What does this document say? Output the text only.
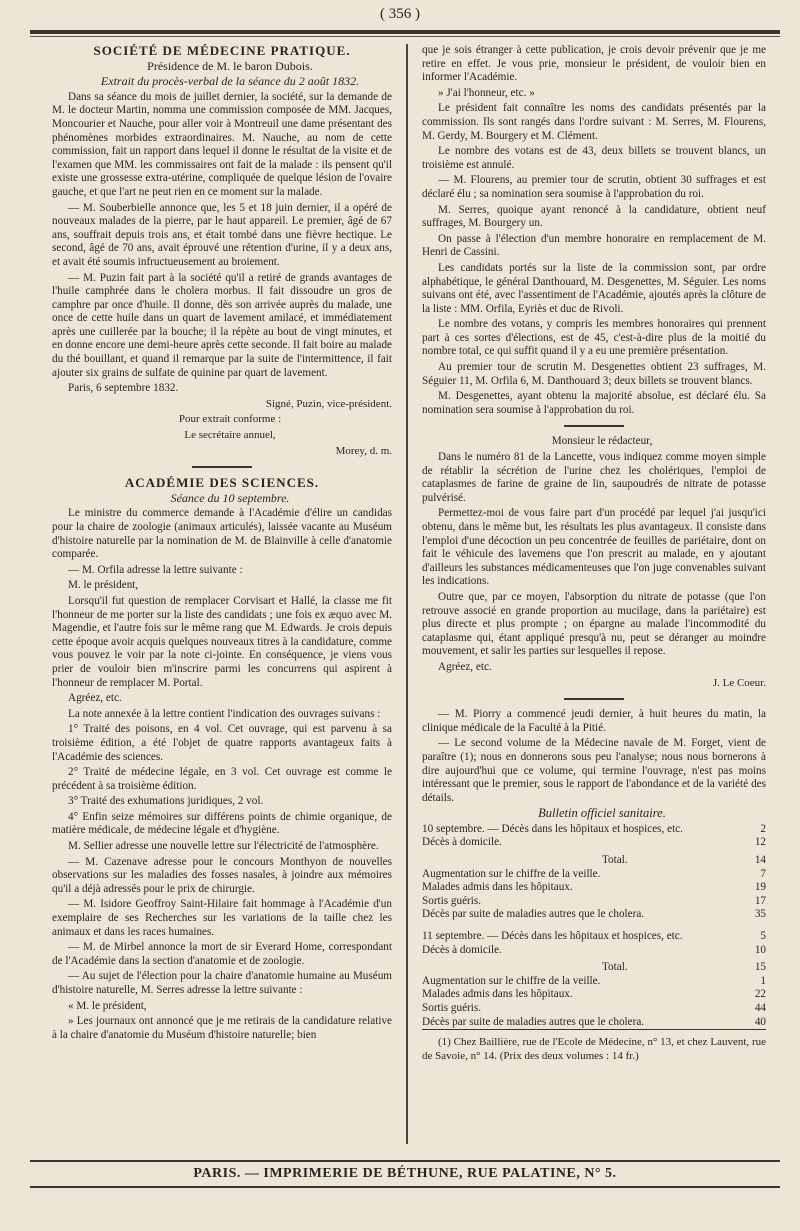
( 356 )

SOCIÉTÉ DE MÉDECINE PRATIQUE.

Présidence de M. le baron Dubois.

Extrait du procès-verbal de la séance du 2 août 1832.

Dans sa séance du mois de juillet dernier, la société, sur la demande de M. le docteur Martin, nomma une commission composée de MM. Jacques, Moncourier et Nauche, pour aller voir à Montreuil une dame présentant des phénomènes morbides extraordinaires. M. Nauche, au nom de cette commission, fait un rapport dans lequel il donne le résultat de la visite et de l'examen que MM. les commissaires ont fait de la malade : ils pensent qu'il existe une grossesse extra-utérine, compliquée de quelque lésion de l'ovaire gauche, et que l'art ne peut rien en ce moment sur la malade.

— M. Souberbielle annonce que, les 5 et 18 juin dernier, il a opéré de nouveaux malades de la pierre, par le haut appareil. Le premier, âgé de 67 ans, souffrait depuis trois ans, et était tombé dans une fièvre hectique. Le second, âgé de 70 ans, avait éprouvé une rétention d'urine, il y a deux ans, et avait été soumis infructueusement au broiement.

— M. Puzin fait part à la société qu'il a retiré de grands avantages de l'huile camphrée dans le cholera morbus. Il fait dissoudre un gros de camphre par once d'huile. Il donne, dès son arrivée auprès du malade, une once de cette huile dans un quart de lavement amilacé, et immédiatement après une cuillerée par la bouche; il la répète au bout de vingt minutes, et en donne encore une demi-heure après cette seconde. Il fait boire au malade du thé bouillant, et quand il remarque par la suite de l'intermittence, il fait ajouter six grains de sulfate de quinine par quart de lavement.

Paris, 6 septembre 1832.

Signé, Puzin, vice-président.

Pour extrait conforme :

Le secrétaire annuel,

Morey, d. m.

ACADÉMIE DES SCIENCES.

Séance du 10 septembre.

Le ministre du commerce demande à l'Académie d'élire un candidas pour la chaire de zoologie (animaux articulés), laissée vacante au Muséum d'histoire naturelle par la nomination de M. de Blainville à celle d'anatomie comparée.

— M. Orfila adresse la lettre suivante :

M. le président,

Lorsqu'il fut question de remplacer Corvisart et Hallé, la classe me fit l'honneur de me porter sur la liste des candidats ; une fois ex æquo avec M. Magendie, et l'autre fois sur le même rang que M. Edwards. Je crois depuis cette époque avoir acquis quelques nouveaux titres à la candidature, comme vous pouvez le voir par la note ci-jointe. En conséquence, je viens vous prier de vouloir bien m'inscrire parmi les concurrens qui aspirent à l'honneur de remplacer M. Portal.

Agréez, etc.

La note annexée à la lettre contient l'indication des ouvrages suivans :

1° Traité des poisons, en 4 vol. Cet ouvrage, qui est parvenu à sa troisième édition, a été l'objet de quatre rapports avantageux faits à l'Académie des sciences.

2° Traité de médecine légale, en 3 vol. Cet ouvrage est comme le précédent à sa troisième édition.

3° Traité des exhumations juridiques, 2 vol.

4° Enfin seize mémoires sur différens points de chimie organique, de matière médicale, de médecine légale et d'hygiène.

M. Sellier adresse une nouvelle lettre sur l'électricité de l'atmosphère.

— M. Cazenave adresse pour le concours Monthyon de nouvelles observations sur les maladies des fosses nasales, à joindre aux mémoires qu'il a déjà adressés pour le prix de chirurgie.

— M. Isidore Geoffroy Saint-Hilaire fait hommage à l'Académie d'un exemplaire de ses Recherches sur les variations de la taille chez les animaux et dans les races humaines.

— M. de Mirbel annonce la mort de sir Everard Home, correspondant de l'Académie dans la section d'anatomie et de zoologie.

— Au sujet de l'élection pour la chaire d'anatomie humaine au Muséum d'histoire naturelle, M. Serres adresse la lettre suivante :

« M. le président,

» Les journaux ont annoncé que je me retirais de la candidature relative à la chaire d'anatomie du Muséum d'histoire naturelle; bien

que je sois étranger à cette publication, je crois devoir prévenir que je me retire en effet. Je vous prie, monsieur le président, de vouloir bien en informer l'Académie.

» J'ai l'honneur, etc. »

Le président fait connaître les noms des candidats présentés par la commission. Ils sont rangés dans l'ordre suivant : M. Serres, M. Flourens, M. Gerdy, M. Bourgery et M. Clément.

Le nombre des votans est de 43, deux billets se trouvent blancs, un troisième est annulé.

— M. Flourens, au premier tour de scrutin, obtient 30 suffrages et est déclaré élu ; sa nomination sera soumise à l'approbation du roi.

M. Serres, quoique ayant renoncé à la candidature, obtient neuf suffrages, M. Bourgery un.

On passe à l'élection d'un membre honoraire en remplacement de M. Henri de Cassini.

Les candidats portés sur la liste de la commission sont, par ordre alphabétique, le général Danthouard, M. Desgenettes, M. Séguier. Les noms suivans ont été, avec l'assentiment de l'Académie, ajoutés après la clôture de la liste : MM. Orfila, Eyriès et duc de Rivoli.

Le nombre des votans, y compris les membres honoraires qui prennent part à ces sortes d'élections, est de 45, c'est-à-dire plus de la moitié du nombre total, ce qui suffit quand il y a eu une première présentation.

Au premier tour de scrutin M. Desgenettes obtient 23 suffrages, M. Séguier 11, M. Orfila 6, M. Danthouard 3; deux billets se trouvent blancs.

M. Desgenettes, ayant obtenu la majorité absolue, est déclaré élu. Sa nomination sera soumise à l'approbation du roi.

Monsieur le rédacteur,

Dans le numéro 81 de la Lancette, vous indiquez comme moyen simple de rétablir la sécrétion de l'urine chez les cholériques, l'emploi de cataplasmes de farine de graine de lin, saupoudrés de nitrate de potasse pulvérisé.

Permettez-moi de vous faire part d'un procédé par lequel j'ai jusqu'ici obtenu, dans le même but, les résultats les plus avantageux. Il consiste dans l'emploi d'une décoction un peu concentrée de feuilles de pariétaire, dont on fait le véhicule des lavemens que l'on prescrit au malade, en y ajoutant d'ailleurs les substances médicamenteuses que l'on juge convenables suivant les indications.

Outre que, par ce moyen, l'absorption du nitrate de potasse (que l'on retrouve associé en grande proportion au mucilage, dans la pariétaire) est plus directe et plus prompte ; on épargne au malade l'incommodité du cataplasme qui, étant appliqué presqu'à nu, peut se déranger au moindre mouvement, et salir les parties sur lesquelles il repose.

Agréez, etc.

J. Le Coeur.

— M. Piorry a commencé jeudi dernier, à huit heures du matin, la clinique médicale de la Faculté à la Pitié.

— Le second volume de la Médecine navale de M. Forget, vient de paraître (1); nous en donnerons sous peu l'analyse; nous nous bornerons à dire aujourd'hui que ce volume, qui termine l'ouvrage, n'est pas moins intéressant que le premier, sous le rapport de l'abondance et de la variété des détails.

Bulletin officiel sanitaire.

10 septembre. — Décès dans les hôpitaux et hospices, etc.	2
Décès à domicile.	12
Total.	14
Augmentation sur le chiffre de la veille.	7
Malades admis dans les hôpitaux.	19
Sortis guéris.	17
Décès par suite de maladies autres que le cholera.	35
11 septembre. — Décès dans les hôpitaux et hospices, etc.	5
Décès à domicile.	10
Total.	15
Augmentation sur le chiffre de la veille.	1
Malades admis dans les hôpitaux.	22
Sortis guéris.	44
Décès par suite de maladies autres que le cholera.	40

(1) Chez Baillière, rue de l'Ecole de Médecine, n° 13, et chez Lauvent, rue de Savoie, n° 14. (Prix des deux volumes : 14 fr.)

PARIS. — IMPRIMERIE DE BÉTHUNE, RUE PALATINE, N° 5.
